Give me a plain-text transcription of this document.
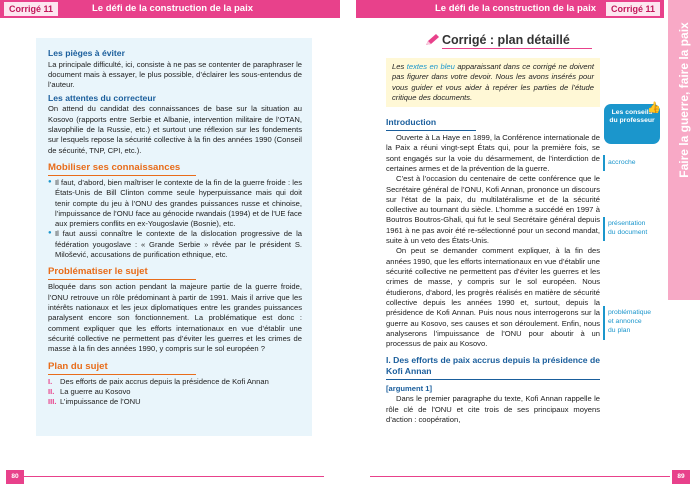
Corrigé 11	Le défi de la construction de la paix	Le défi de la construction de la paix	Corrigé 11
Faire la guerre, faire la paix
Les pièges à éviter

La principale difficulté, ici, consiste à ne pas se contenter de paraphraser le document mais à essayer, le plus possible, d’éclairer les sous-entendus de l’auteur.

Les attentes du correcteur

On attend du candidat des connaissances de base sur la situation au Kosovo (rapports entre Serbie et Albanie, intervention militaire de l’OTAN, slavophilie de la Russie, etc.) et surtout une réflexion sur les fondements sur lesquels repose la sécurité collective à la fin des années 1990 (Conseil de sécurité, TNP, CPI, etc.).

Mobiliser ses connaissances
● Il faut, d’abord, bien maîtriser le contexte de la fin de la guerre froide : les États-Unis de Bill Clinton comme seule hyperpuissance mais qui doit tenir compte du jeu à l’ONU des grandes puissances russe et chinoise, l’impuissance de l’ONU face au génocide rwandais (1994) et de l’UE face aux premiers conflits en ex-Yougoslavie (Bosnie), etc.
● Il faut aussi connaître le contexte de la dislocation progressive de la fédération yougoslave : « Grande Serbie » rêvée par le président S. Milošević, accusations de purification ethnique, etc.
Problématiser le sujet

Bloquée dans son action pendant la majeure partie de la guerre froide, l’ONU retrouve un rôle prédominant à partir de 1991. Mais il arrive que les intérêts nationaux et les jeux diplomatiques entre les grandes puissances paralysent encore son fonctionnement. La problématique est donc : comment expliquer que les efforts internationaux en vue d’établir une sécurité collective ne permettent pas d’éviter les guerres et les crimes de masse à la fin des années 1990, y compris sur le sol européen ?

Plan du sujet
I. Des efforts de paix accrus depuis la présidence de Kofi Annan
II. La guerre au Kosovo
III. L’impuissance de l’ONU
Corrigé : plan détaillé
Les textes en bleu apparaissant dans ce corrigé ne doivent pas figurer dans votre devoir. Nous les avons insérés pour vous guider et vous aider à repérer les parties de l’étude critique des documents.
Introduction

Ouverte à La Haye en 1899, la Conférence internationale de la Paix a réuni vingt-sept États qui, pour la première fois, se sont engagés sur la voie du désarmement, de l’interdiction de certaines armes et de la prévention de la guerre.

C’est à l’occasion du centenaire de cette conférence que le Secrétaire général de l’ONU, Kofi Annan, prononce un discours sur l’état de la paix, du multilatéralisme et de la sécurité collective au tournant du siècle. L’homme a succédé en 1997 à Boutros Boutros-Ghali, qui fut le seul Secrétaire général depuis 1961 à ne pas avoir été re-sélectionné pour un second mandat, suite à un veto des États-Unis.

On peut se demander comment expliquer, à la fin des années 1990, que les efforts internationaux en vue d’établir une sécurité collective ne permettent pas d’éviter les guerres et les crimes de masse, y compris sur le sol européen. Nous étudierons, d’abord, les progrès réalisés en matière de sécurité collective depuis les années 1990 et, surtout, depuis la présidence de Kofi Annan. Puis nous nous interrogerons sur la guerre au Kosovo, ses causes et son déroulement. Enfin, nous analyserons l’impuissance de l’ONU pour aboutir à un processus de paix au Kosovo.

I. Des efforts de paix accrus depuis la présidence de Kofi Annan
[argument 1]

Dans le premier paragraphe du texte, Kofi Annan rappelle le rôle clé de l’ONU et cite trois de ses principaux moyens d’action : coopération,

Les conseils
du professeur
👍
accroche
présentation
du document
problématique
et annonce
du plan
80	89
